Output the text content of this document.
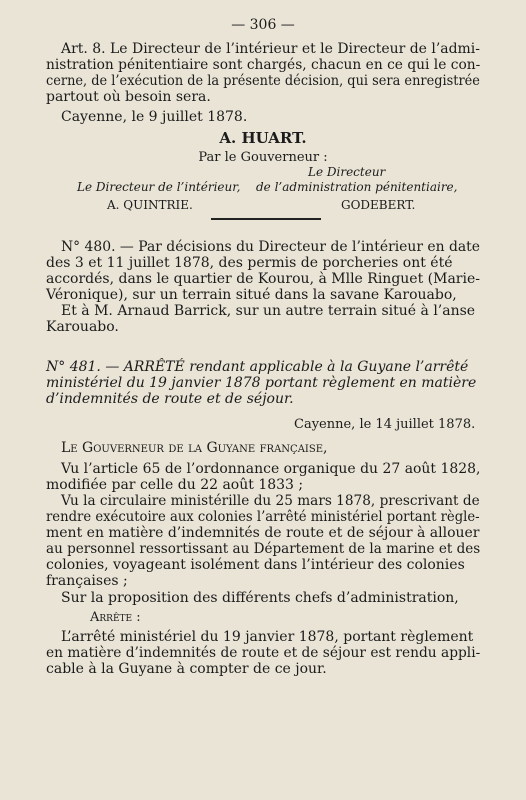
— 306 —
Art. 8. Le Directeur de l’intérieur et le Directeur de l’admi-
nistration pénitentiaire sont chargés, chacun en ce qui le con-
cerne, de l’exécution de la présente décision, qui sera enregistrée
partout où besoin sera.
Cayenne, le 9 juillet 1878.
A. HUART.
Par le Gouverneur :
Le Directeur
Le Directeur de l’intérieur, de l’administration pénitentiaire,
A. QUINTRIE.	GODEBERT.
N° 480. — Par décisions du Directeur de l’intérieur en date
des 3 et 11 juillet 1878, des permis de porcheries ont été
accordés, dans le quartier de Kourou, à Mlle Ringuet (Marie-
Véronique), sur un terrain situé dans la savane Karouabo,
Et à M. Arnaud Barrick, sur un autre terrain situé à l’anse
Karouabo.
N° 481. — ARRÊTÉ rendant applicable à la Guyane l’arrêté
ministériel du 19 janvier 1878 portant règlement en matière
d’indemnités de route et de séjour.
Cayenne, le 14 juillet 1878.
Le Gouverneur de la Guyane française,
Vu l’article 65 de l’ordonnance organique du 27 août 1828,
modifiée par celle du 22 août 1833 ;
Vu la circulaire ministérille du 25 mars 1878, prescrivant de
rendre exécutoire aux colonies l’arrêté ministériel portant règle-
ment en matière d’indemnités de route et de séjour à allouer
au personnel ressortissant au Département de la marine et des
colonies, voyageant isolément dans l’intérieur des colonies
françaises ;
Sur la proposition des différents chefs d’administration,
Arrête :
L’arrêté ministériel du 19 janvier 1878, portant règlement
en matière d’indemnités de route et de séjour est rendu appli-
cable à la Guyane à compter de ce jour.
